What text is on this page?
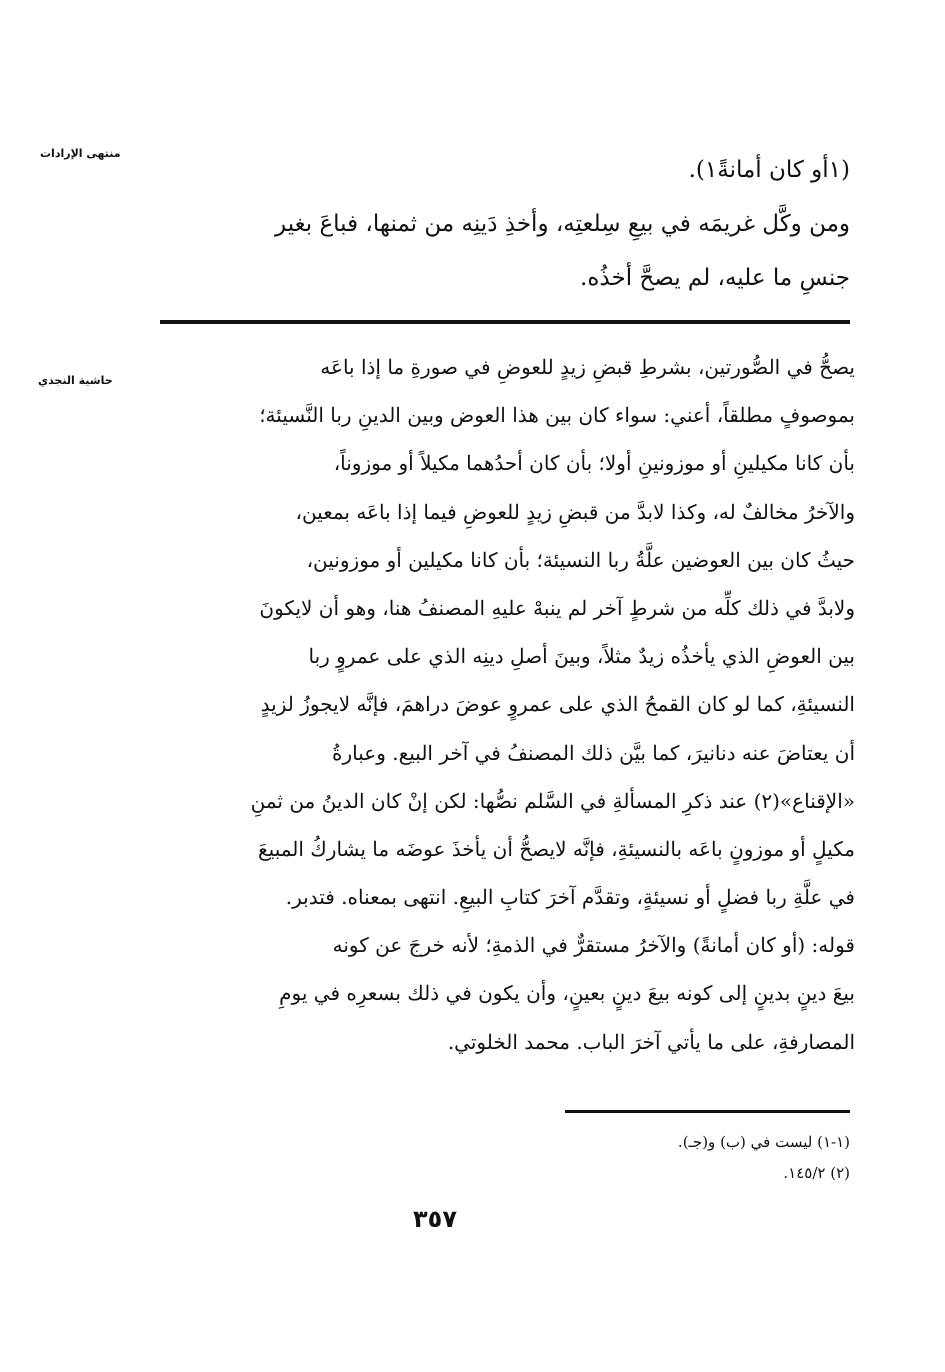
منتهى الإرادات
حاشية النجدي
(١أو كان أمانةً١).
ومن وكَّل غريمَه في بيعِ سِلعتِه، وأخذِ دَينِه من ثمنها، فباعَ بغير
جنسِ ما عليه، لم يصحَّ أخذُه.
يصحُّ في الصُّورتين، بشرطِ قبضِ زيدٍ للعوضِ في صورةِ ما إذا باعَه
بموصوفٍ مطلقاً، أعني: سواء كان بين هذا العوض وبين الدينِ ربا النَّسيئة؛
بأن كانا مكيلينِ أو موزونينِ أولا؛ بأن كان أحدُهما مكيلاً أو موزوناً،
والآخرُ مخالفٌ له، وكذا لابدَّ من قبضِ زيدٍ للعوضِ فيما إذا باعَه بمعين،
حيثُ كان بين العوضين علَّةُ ربا النسيئة؛ بأن كانا مكيلين أو موزونين،
ولابدَّ في ذلك كلِّه من شرطٍ آخر لم ينبهْ عليهِ المصنفُ هنا، وهو أن لايكونَ
بين العوضِ الذي يأخذُه زيدٌ مثلاً، وبينَ أصلِ دينِه الذي على عمروٍ ربا
النسيئةِ، كما لو كان القمحُ الذي على عمروٍ عوضَ دراهمَ، فإنَّه لايجوزُ لزيدٍ
أن يعتاضَ عنه دنانيرَ، كما بيَّن ذلك المصنفُ في آخر البيع. وعبارةُ
«الإقناع»(٢) عند ذكرِ المسألةِ في السَّلم نصُّها: لكن إنْ كان الدينُ من ثمنِ
مكيلٍ أو موزونٍ باعَه بالنسيئةِ، فإنَّه لايصحُّ أن يأخذَ عوضَه ما يشاركُ المبيعَ
في علَّةِ ربا فضلٍ أو نسيئةٍ، وتقدَّم آخرَ كتابِ البيعِ. انتهى بمعناه. فتدبر.
قوله: (أو كان أمانةً) والآخرُ مستقرٌّ في الذمةِ؛ لأنه خرجَ عن كونه
بيعَ دينٍ بدينٍ إلى كونه بيعَ دينٍ بعينٍ، وأن يكون في ذلك بسعرِه في يومِ
المصارفةِ، على ما يأتي آخرَ الباب. محمد الخلوتي.
(١-١) ليست في (ب) و(جـ).
(٢) ١٤٥/٢.
٣٥٧
